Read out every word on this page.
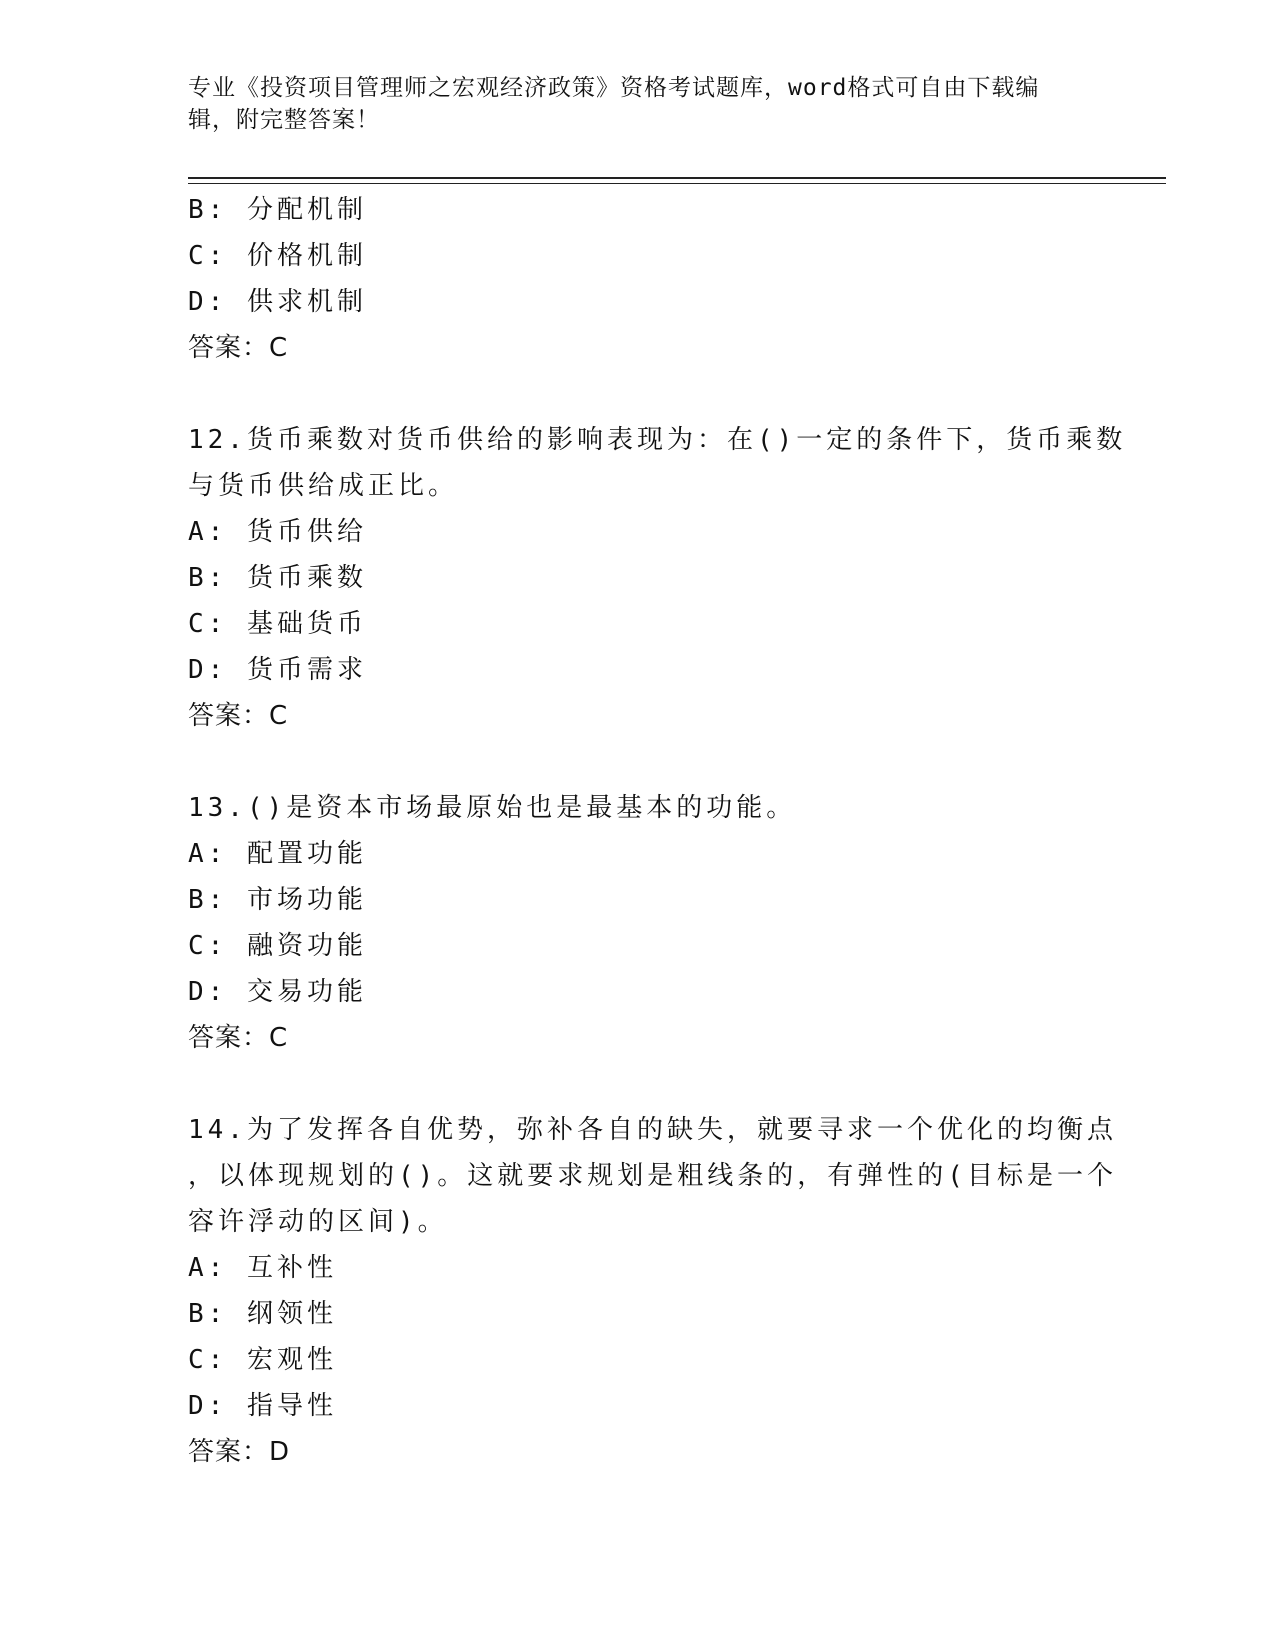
专业《投资项目管理师之宏观经济政策》资格考试题库，word格式可自由下载编辑，附完整答案！
B: 分配机制
C: 价格机制
D: 供求机制
答案：C
12.货币乘数对货币供给的影响表现为：在()一定的条件下，货币乘数
与货币供给成正比。
A: 货币供给
B: 货币乘数
C: 基础货币
D: 货币需求
答案：C
13.()是资本市场最原始也是最基本的功能。
A: 配置功能
B: 市场功能
C: 融资功能
D: 交易功能
答案：C
14.为了发挥各自优势，弥补各自的缺失，就要寻求一个优化的均衡点
，以体现规划的()。这就要求规划是粗线条的，有弹性的(目标是一个
容许浮动的区间)。
A: 互补性
B: 纲领性
C: 宏观性
D: 指导性
答案：D
